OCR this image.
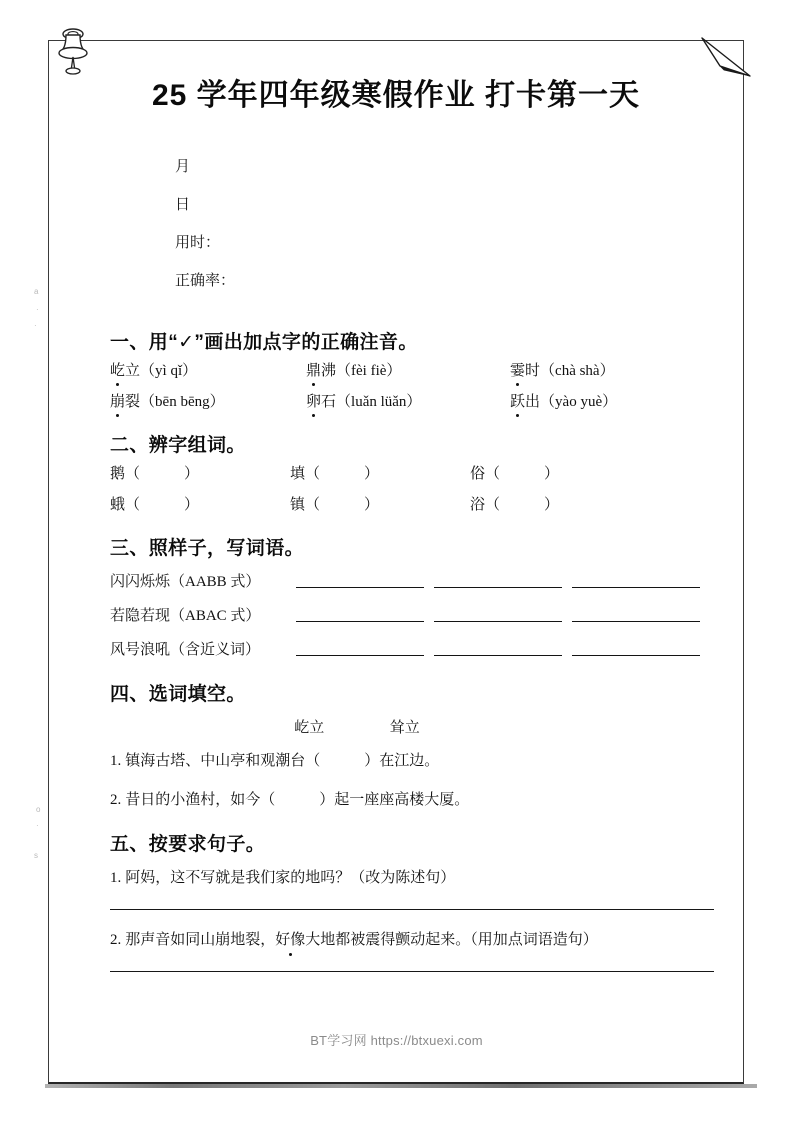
a
·
·
o
·
s
25 学年四年级寒假作业 打卡第一天

月

日

用时：

正确率：

一、用“✓”画出加点字的正确注音。
屹立（yì qǐ）	鼎沸（fèi fiè）	霎时（chà shà）
崩裂（bēn bēng）	卵石（luǎn lüǎn）	跃出（yào yuè）
二、辨字组词。
鹅（	）	填（	）	俗（	）
蛾（	）	镇（	）	浴（	）
三、照样子，写词语。
闪闪烁烁（AABB 式）
若隐若现（ABAC 式）
风号浪吼（含近义词）
四、选词填空。
屹立	耸立
1. 镇海古塔、中山亭和观潮台（	）在江边。
2. 昔日的小渔村，如今（	）起一座座高楼大厦。
五、按要求句子。
1. 阿妈，这不写就是我们家的地吗？（改为陈述句）
2. 那声音如同山崩地裂，好像大地都被震得颤动起来。（用加点词语造句）
BT学习网 https://btxuexi.com
